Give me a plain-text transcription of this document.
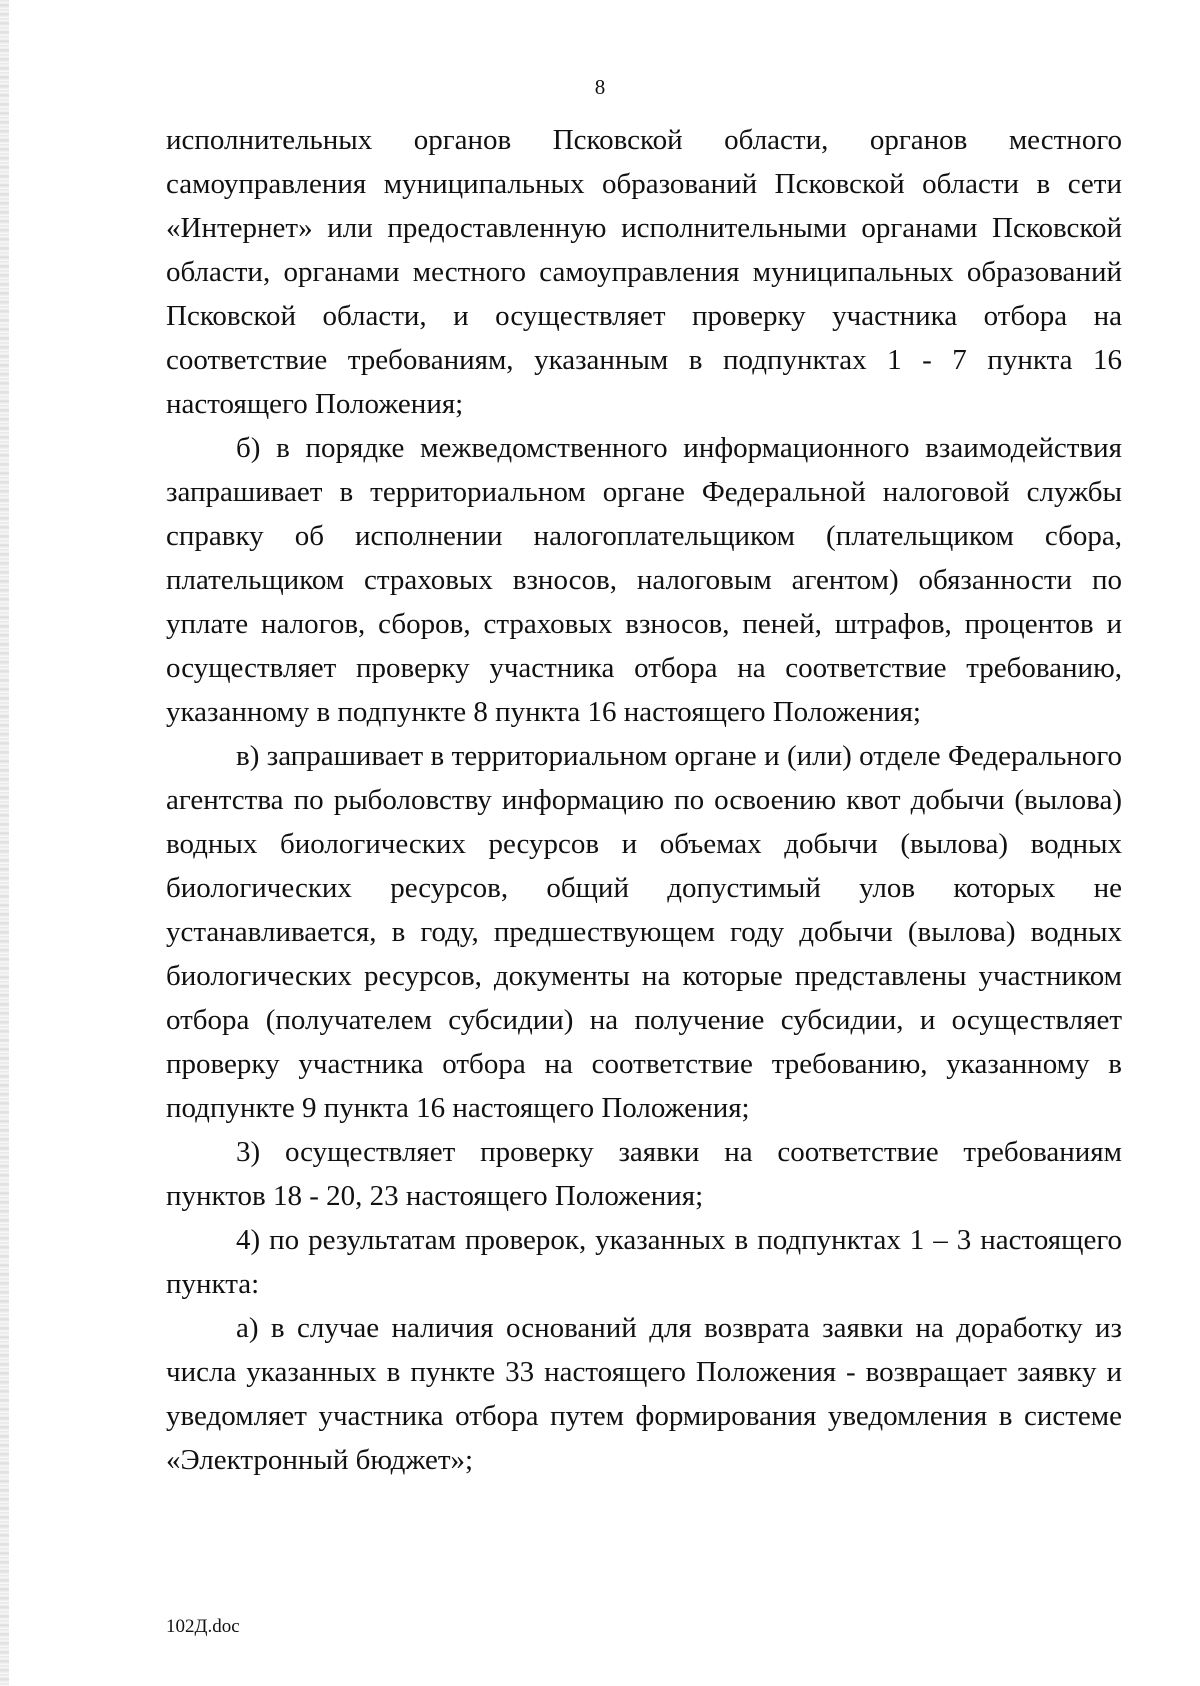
8

исполнительных органов Псковской области, органов местного самоуправления муниципальных образований Псковской области в сети «Интернет» или предоставленную исполнительными органами Псковской области, органами местного самоуправления муниципальных образований Псковской области, и осуществляет проверку участника отбора на соответствие требованиям, указанным в подпунктах 1 - 7 пункта 16 настоящего Положения;

б) в порядке межведомственного информационного взаимодействия запрашивает в территориальном органе Федеральной налоговой службы справку об исполнении налогоплательщиком (плательщиком сбора, плательщиком страховых взносов, налоговым агентом) обязанности по уплате налогов, сборов, страховых взносов, пеней, штрафов, процентов и осуществляет проверку участника отбора на соответствие требованию, указанному в подпункте 8 пункта 16 настоящего Положения;

в) запрашивает в территориальном органе и (или) отделе Федерального агентства по рыболовству информацию по освоению квот добычи (вылова) водных биологических ресурсов и объемах добычи (вылова) водных биологических ресурсов, общий допустимый улов которых не устанавливается, в году, предшествующем году добычи (вылова) водных биологических ресурсов, документы на которые представлены участником отбора (получателем субсидии) на получение субсидии, и осуществляет проверку участника отбора на соответствие требованию, указанному в подпункте 9 пункта 16 настоящего Положения;

3) осуществляет проверку заявки на соответствие требованиям пунктов 18 - 20, 23 настоящего Положения;

4) по результатам проверок, указанных в подпунктах 1 – 3 настоящего пункта:

а) в случае наличия оснований для возврата заявки на доработку из числа указанных в пункте 33 настоящего Положения - возвращает заявку и уведомляет участника отбора путем формирования уведомления в системе «Электронный бюджет»;

102Д.doc
